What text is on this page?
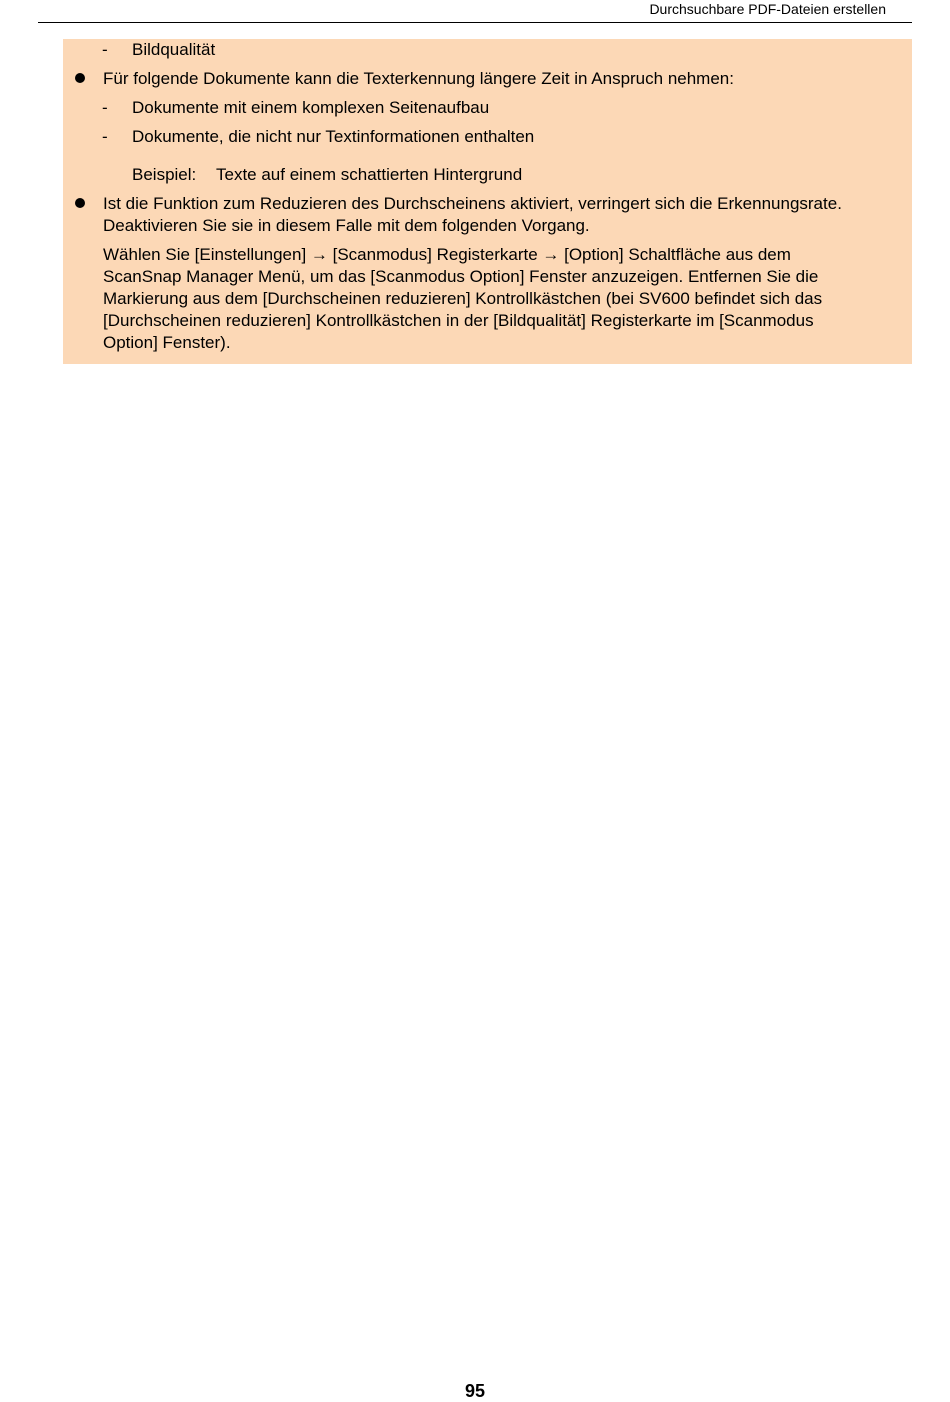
Durchsuchbare PDF-Dateien erstellen
- Bildqualität
Für folgende Dokumente kann die Texterkennung längere Zeit in Anspruch nehmen:
- Dokumente mit einem komplexen Seitenaufbau
- Dokumente, die nicht nur Textinformationen enthalten
Beispiel: Texte auf einem schattierten Hintergrund
Ist die Funktion zum Reduzieren des Durchscheinens aktiviert, verringert sich die Erkennungsrate.
Deaktivieren Sie sie in diesem Falle mit dem folgenden Vorgang.
Wählen Sie [Einstellungen] → [Scanmodus] Registerkarte → [Option] Schaltfläche aus dem
ScanSnap Manager Menü, um das [Scanmodus Option] Fenster anzuzeigen. Entfernen Sie die
Markierung aus dem [Durchscheinen reduzieren] Kontrollkästchen (bei SV600 befindet sich das
[Durchscheinen reduzieren] Kontrollkästchen in der [Bildqualität] Registerkarte im [Scanmodus
Option] Fenster).
95
